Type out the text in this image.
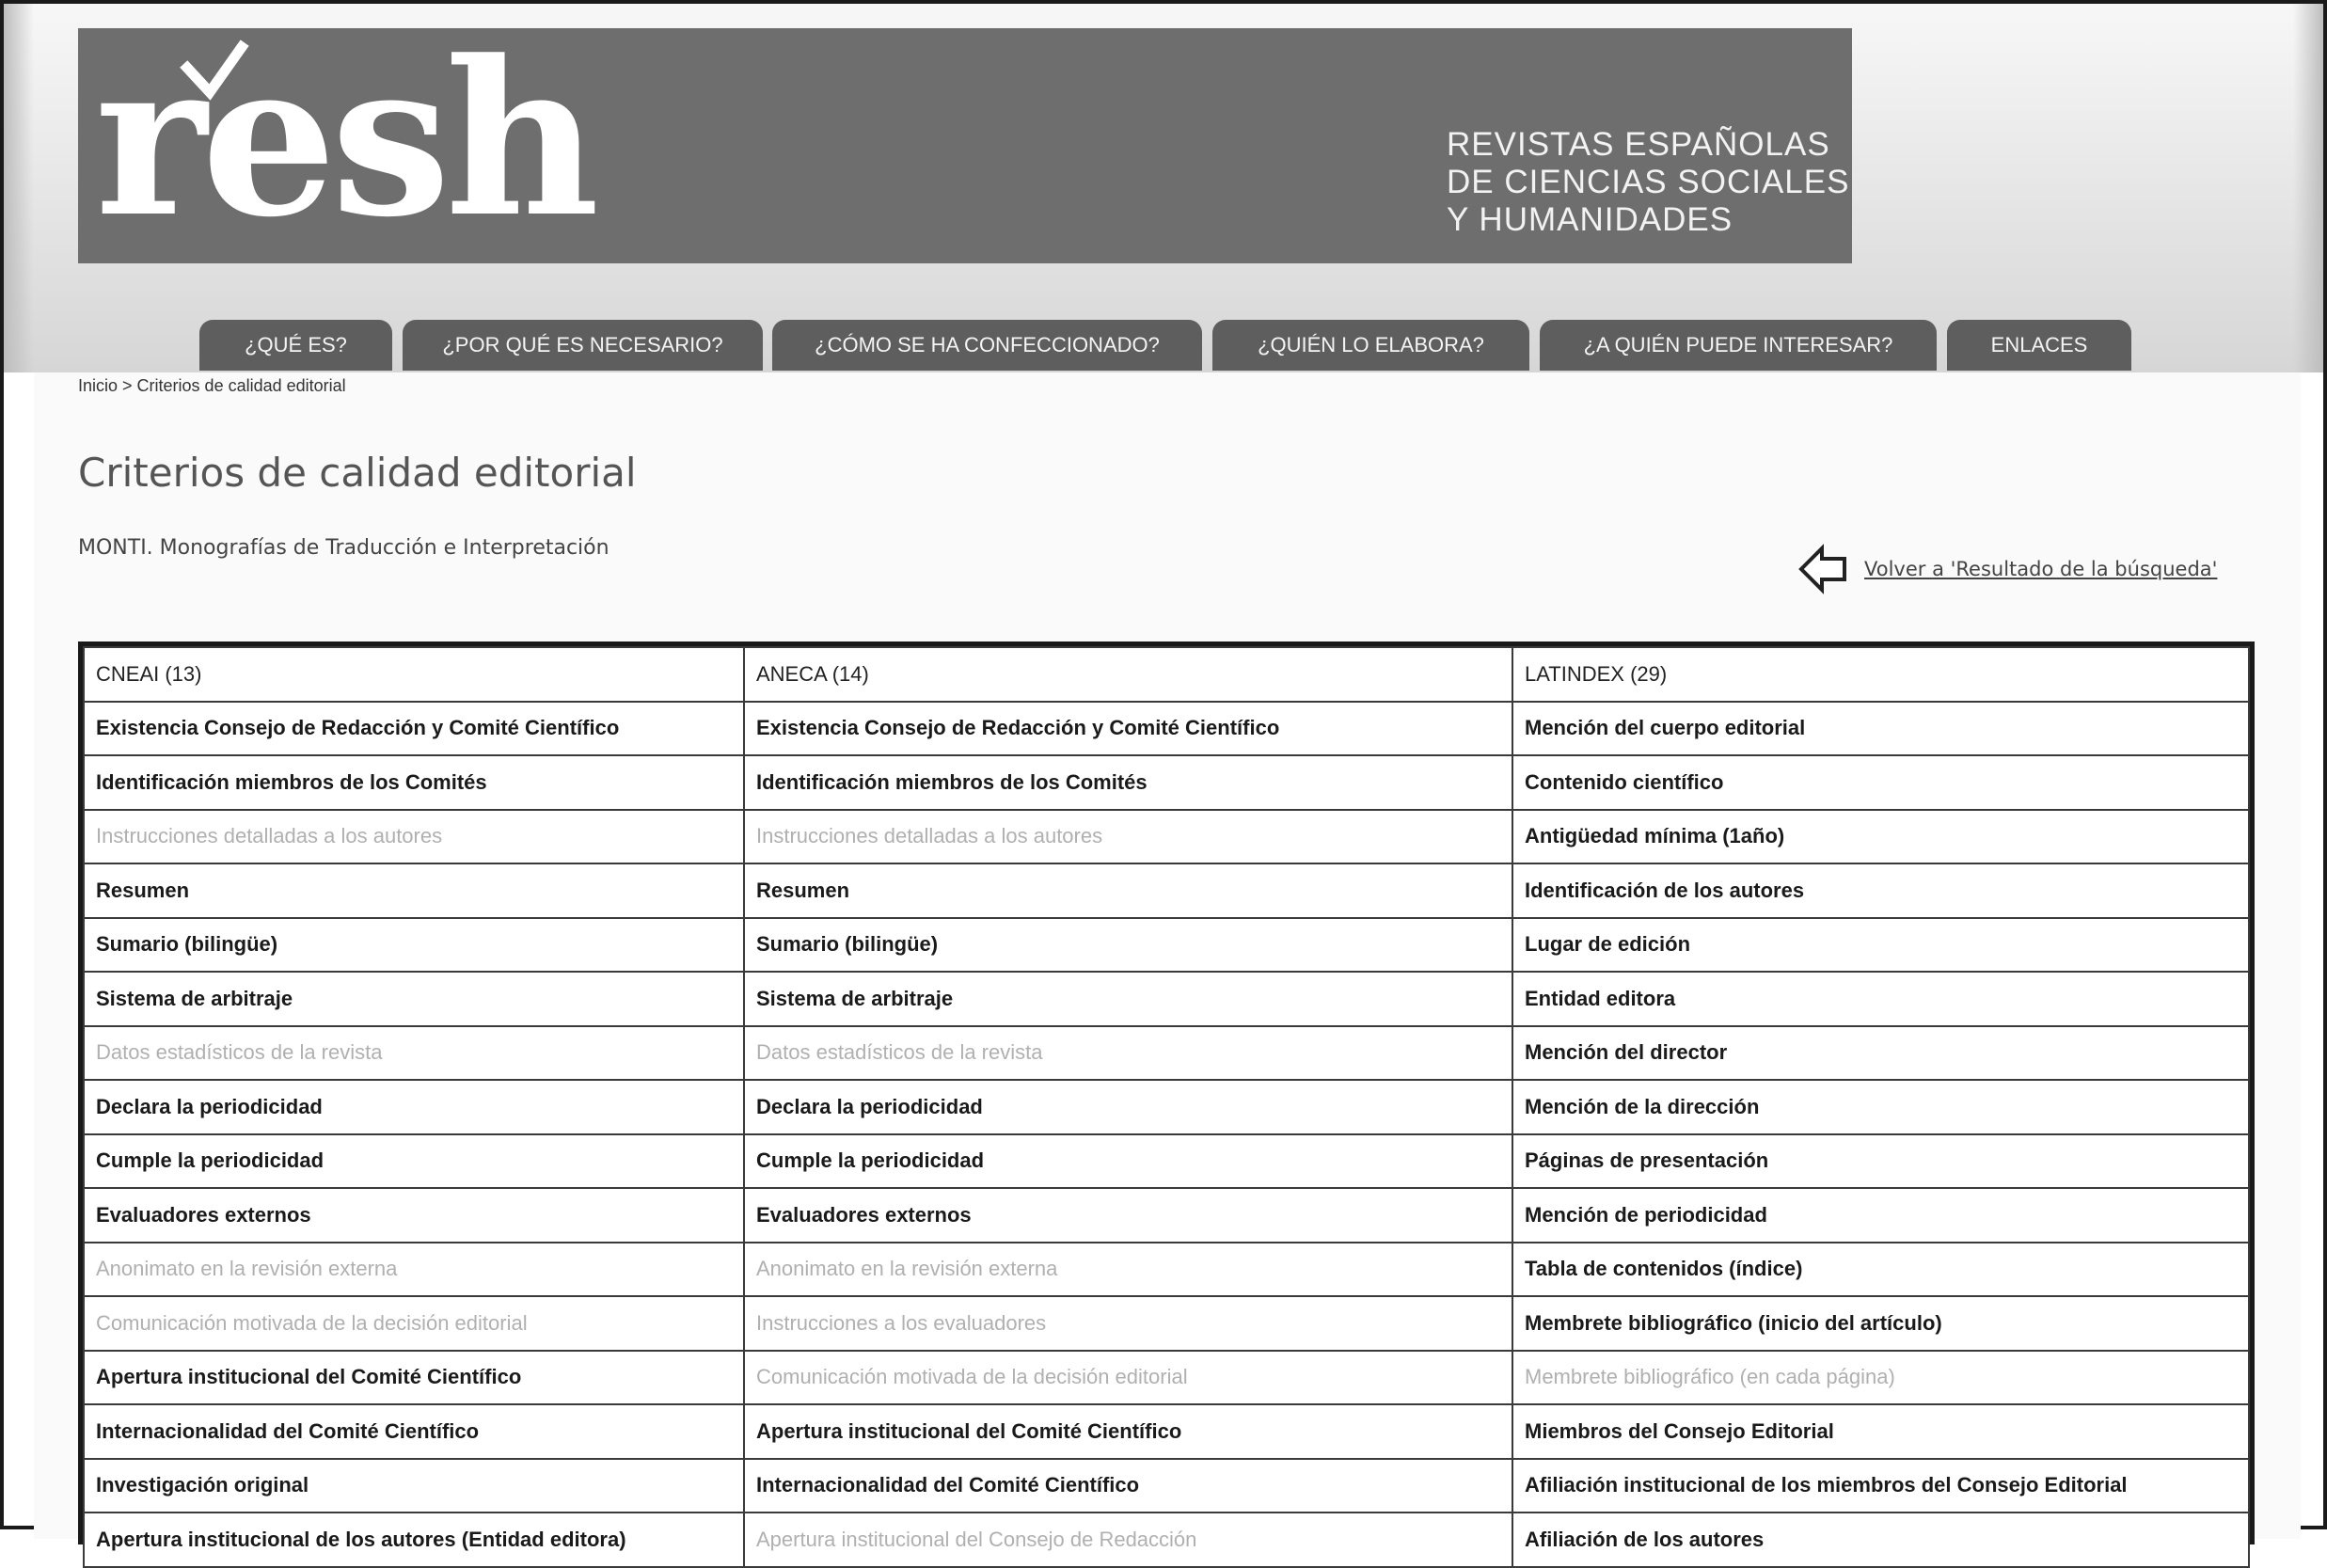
resh	REVISTAS ESPAÑOLAS
DE CIENCIAS SOCIALES
Y HUMANIDADES
¿QUÉ ES?	¿POR QUÉ ES NECESARIO?	¿CÓMO SE HA CONFECCIONADO?	¿QUIÉN LO ELABORA?	¿A QUIÉN PUEDE INTERESAR?	ENLACES
Inicio > Criterios de calidad editorial
Criterios de calidad editorial
MONTI. Monografías de Traducción e Interpretación
Volver a 'Resultado de la búsqueda'
CNEAI (13)	ANECA (14)	LATINDEX (29)
Existencia Consejo de Redacción y Comité Científico	Existencia Consejo de Redacción y Comité Científico	Mención del cuerpo editorial
Identificación miembros de los Comités	Identificación miembros de los Comités	Contenido científico
Instrucciones detalladas a los autores	Instrucciones detalladas a los autores	Antigüedad mínima (1año)
Resumen	Resumen	Identificación de los autores
Sumario (bilingüe)	Sumario (bilingüe)	Lugar de edición
Sistema de arbitraje	Sistema de arbitraje	Entidad editora
Datos estadísticos de la revista	Datos estadísticos de la revista	Mención del director
Declara la periodicidad	Declara la periodicidad	Mención de la dirección
Cumple la periodicidad	Cumple la periodicidad	Páginas de presentación
Evaluadores externos	Evaluadores externos	Mención de periodicidad
Anonimato en la revisión externa	Anonimato en la revisión externa	Tabla de contenidos (índice)
Comunicación motivada de la decisión editorial	Instrucciones a los evaluadores	Membrete bibliográfico (inicio del artículo)
Apertura institucional del Comité Científico	Comunicación motivada de la decisión editorial	Membrete bibliográfico (en cada página)
Internacionalidad del Comité Científico	Apertura institucional del Comité Científico	Miembros del Consejo Editorial
Investigación original	Internacionalidad del Comité Científico	Afiliación institucional de los miembros del Consejo Editorial
Apertura institucional de los autores (Entidad editora)	Apertura institucional del Consejo de Redacción	Afiliación de los autores
